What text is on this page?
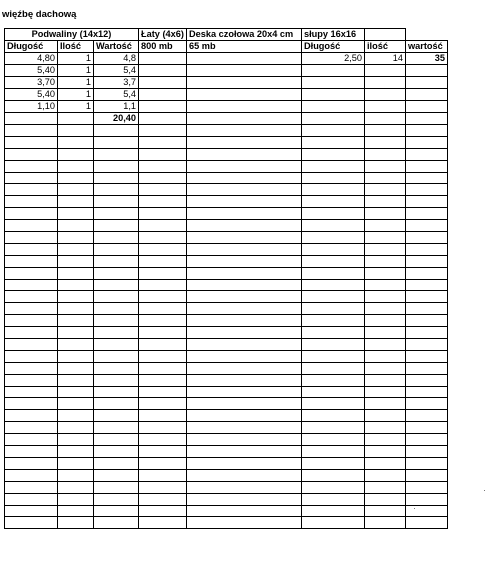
więźbę dachową
Podwaliny (14x12)			Łaty (4x6)	Deska czołowa 20x4 cm	słupy 16x16		
Długość	Ilość	Wartość	800 mb	65 mb	Długość	ilość	wartość
4,80	1	4,8			2,50	14	35
5,40	1	5,4					
3,70	1	3,7					
5,40	1	5,4					
1,10	1	1,1					
		20,40					
